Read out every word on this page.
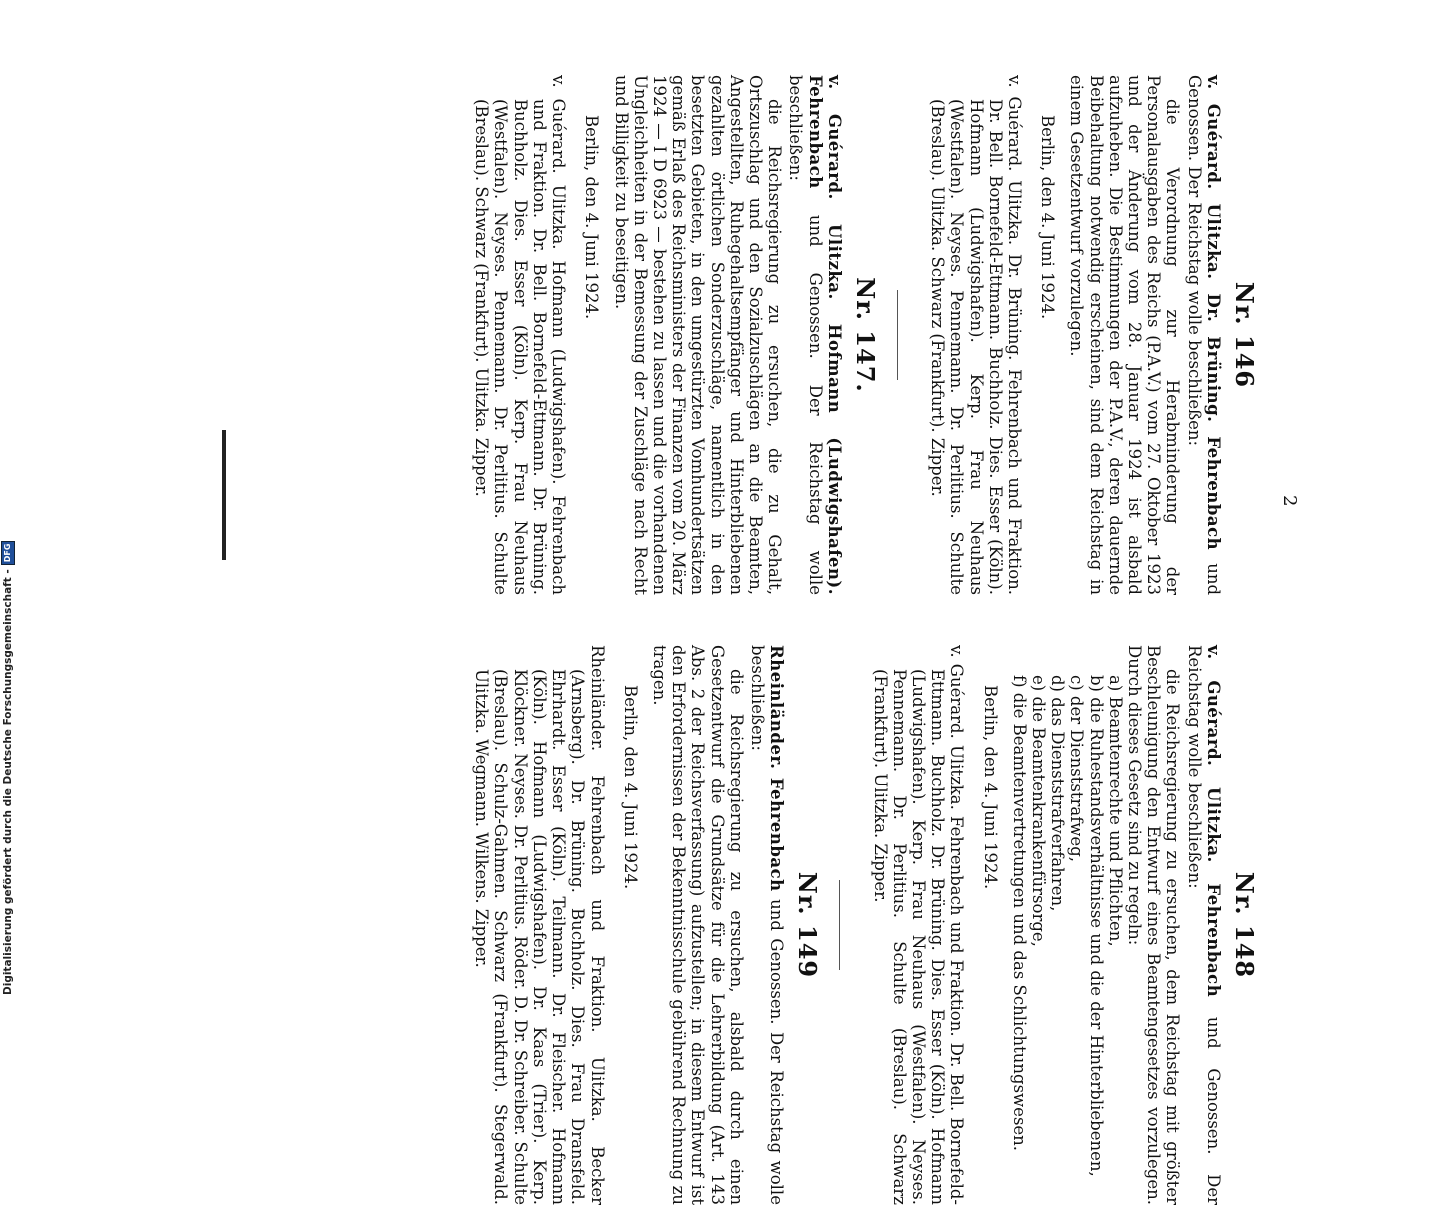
2
Nr. 146
v. Guérard. Ulitzka. Dr. Brüning. Fehrenbach und Genossen. Der Reichstag wolle beschließen:
die Verordnung zur Herabminderung der Personalausgaben des Reichs (P.A.V.) vom 27. Oktober 1923 und der Änderung vom 28. Januar 1924 ist alsbald aufzuheben. Die Bestimmungen der P.A.V., deren dauernde Beibehaltung notwendig erscheinen, sind dem Reichstag in einem Gesetzentwurf vorzulegen.
Berlin, den 4. Juni 1924.

v. Guérard. Ulitzka. Dr. Brüning. Fehrenbach und Fraktion. Dr. Bell. Bornefeld-Ettmann. Buchholz. Dies. Esser (Köln). Hofmann (Ludwigshafen). Kerp. Frau Neuhaus (Westfalen). Neyses. Pennemann. Dr. Perlitius. Schulte (Breslau). Ulitzka. Schwarz (Frankfurt). Zipper.

Nr. 147.
v. Guérard. Ulitzka. Hofmann (Ludwigshafen). Fehrenbach und Genossen. Der Reichstag wolle beschließen:
die Reichsregierung zu ersuchen, die zu Gehalt, Ortszuschlag und den Sozialzuschlägen an die Beamten, Angestellten, Ruhegehaltsempfänger und Hinterbliebenen gezahlten örtlichen Sonderzuschläge, namentlich in den besetzten Gebieten, in den umgestürzten Vomhundertsätzen gemäß Erlaß des Reichsministers der Finanzen vom 20. März 1924 — I D 6923 — bestehen zu lassen und die vorhandenen Ungleichheiten in der Bemessung der Zuschläge nach Recht und Billigkeit zu beseitigen.
Berlin, den 4. Juni 1924.

v. Guérard. Ulitzka. Hofmann (Ludwigshafen). Fehrenbach und Fraktion. Dr. Bell. Bornefeld-Ettmann. Dr. Brüning. Buchholz. Dies. Esser (Köln). Kerp. Frau Neuhaus (Westfalen). Neyses. Pennemann. Dr. Perlitius. Schulte (Breslau). Schwarz (Frankfurt). Ulitzka. Zipper.

Nr. 148
v. Guérard. Ulitzka. Fehrenbach und Genossen. Der Reichstag wolle beschließen:
die Reichsregierung zu ersuchen, dem Reichstag mit größter Beschleunigung den Entwurf eines Beamtengesetzes vorzulegen. Durch dieses Gesetz sind zu regeln:
a) Beamtenrechte und Pflichten,
b) die Ruhestandsverhältnisse und die der Hinterbliebenen,
c) der Dienststrafweg,
d) das Dienststrafverfahren,
e) die Beamtenkrankenfürsorge,
f) die Beamtenvertretungen und das Schlichtungswesen.
Berlin, den 4. Juni 1924.

v. Guérard. Ulitzka. Fehrenbach und Fraktion. Dr. Bell. Bornefeld-Ettmann. Buchholz. Dr. Brüning. Dies. Esser (Köln). Hofmann (Ludwigshafen). Kerp. Frau Neuhaus (Westfalen). Neyses. Pennemann. Dr. Perlitius. Schulte (Breslau). Schwarz (Frankfurt). Ulitzka. Zipper.

Nr. 149
Rheinländer. Fehrenbach und Genossen. Der Reichstag wolle beschließen:
die Reichsregierung zu ersuchen, alsbald durch einen Gesetzentwurf die Grundsätze für die Lehrerbildung (Art. 143 Abs. 2 der Reichsverfassung) aufzustellen; in diesem Entwurf ist den Erfordernissen der Bekenntnisschule gebührend Rechnung zu tragen.
Berlin, den 4. Juni 1924.

Rheinländer. Fehrenbach und Fraktion. Ulitzka. Becker (Arnsberg). Dr. Brüning. Buchholz. Dies. Frau Dransfeld. Ehrhardt. Esser (Köln). Teilmann. Dr. Fleischer. Hofmann (Köln). Hofmann (Ludwigshafen). Dr. Kaas (Trier). Kerp. Klöckner. Neyses. Dr. Perlitius. Röder. D. Dr. Schreiber. Schulte (Breslau). Schulz-Gahmen. Schwarz (Frankfurt). Stegerwald. Ulitzka. Wegmann. Wilkens. Zipper.

Digitalisierung gefördert durch die Deutsche Forschungsgemeinschaft -
DFG
